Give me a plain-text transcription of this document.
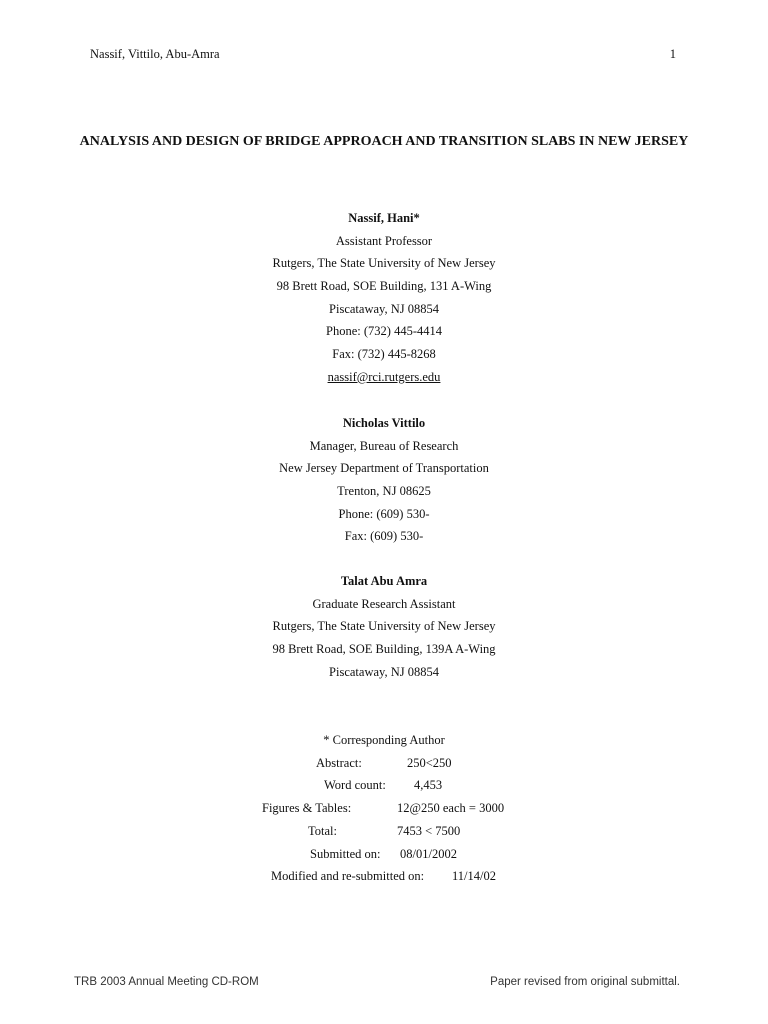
Nassif, Vittilo, Abu-Amra	1
ANALYSIS AND DESIGN OF BRIDGE APPROACH AND TRANSITION SLABS IN NEW JERSEY
Nassif, Hani*
Assistant Professor
Rutgers, The State University of New Jersey
98 Brett Road, SOE Building, 131 A-Wing
Piscataway, NJ 08854
Phone: (732) 445-4414
Fax: (732) 445-8268
nassif@rci.rutgers.edu
Nicholas Vittilo
Manager, Bureau of Research
New Jersey Department of Transportation
Trenton, NJ 08625
Phone: (609) 530-
Fax: (609) 530-
Talat Abu Amra
Graduate Research Assistant
Rutgers, The State University of New Jersey
98 Brett Road, SOE Building, 139A A-Wing
Piscataway, NJ 08854
* Corresponding Author
Abstract:	250<250
Word count: 4,453
Figures & Tables:	12@250 each = 3000
Total:	7453 < 7500
Submitted on: 08/01/2002
Modified and re-submitted on: 11/14/02
TRB 2003 Annual Meeting CD-ROM	Paper revised from original submittal.
